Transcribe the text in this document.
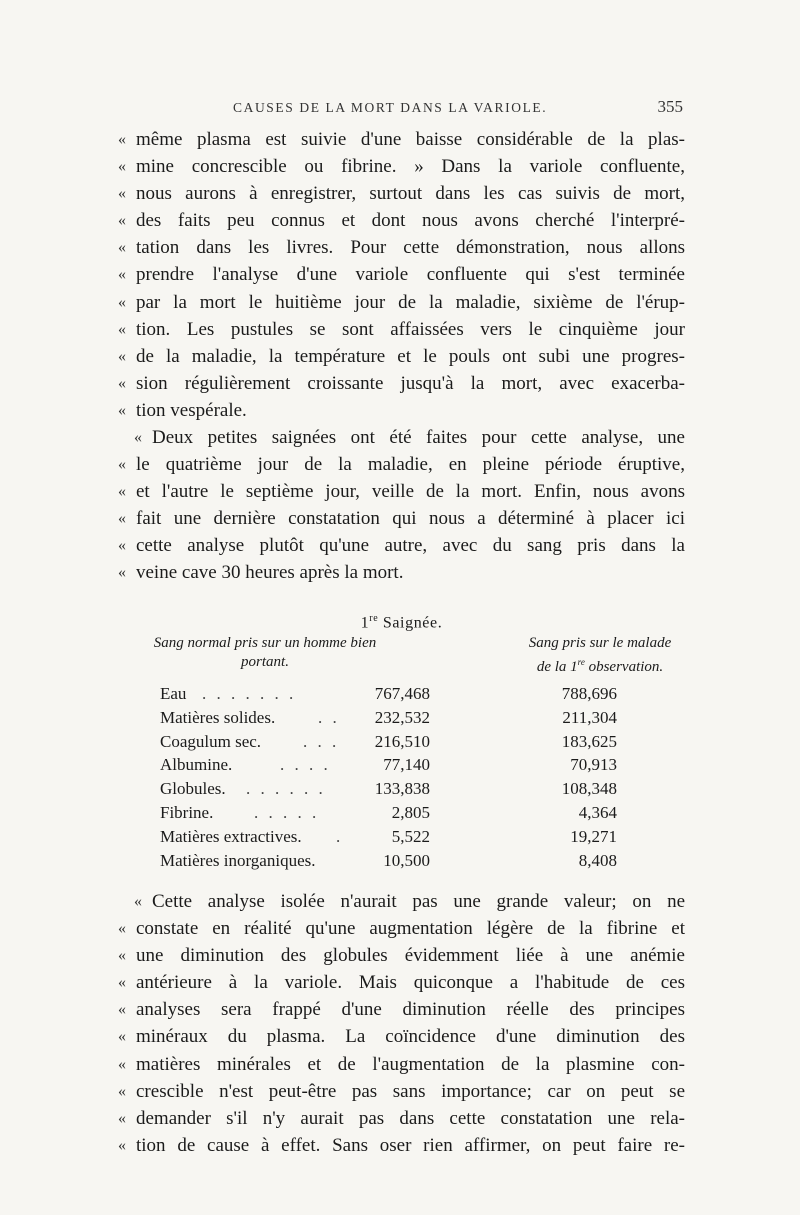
CAUSES DE LA MORT DANS LA VARIOLE.	355
« même plasma est suivie d'une baisse considérable de la plas-
« mine concrescible ou fibrine. » Dans la variole confluente,
« nous aurons à enregistrer, surtout dans les cas suivis de mort,
« des faits peu connus et dont nous avons cherché l'interpré-
« tation dans les livres. Pour cette démonstration, nous allons
« prendre l'analyse d'une variole confluente qui s'est terminée
« par la mort le huitième jour de la maladie, sixième de l'érup-
« tion. Les pustules se sont affaissées vers le cinquième jour
« de la maladie, la température et le pouls ont subi une progres-
« sion régulièrement croissante jusqu'à la mort, avec exacerba-
« tion vespérale.
« Deux petites saignées ont été faites pour cette analyse, une
« le quatrième jour de la maladie, en pleine période éruptive,
« et l'autre le septième jour, veille de la mort. Enfin, nous avons
« fait une dernière constatation qui nous a déterminé à placer ici
« cette analyse plutôt qu'une autre, avec du sang pris dans la
« veine cave 30 heures après la mort.
1re Saignée.
Sang normal pris sur un homme bien
portant.
Sang pris sur le malade
de la 1re observation.
Eau . . . . . . .	767,468	788,696
Matières solides.	. . 232,532	211,304
Coagulum sec. . . . 216,510	183,625
Albumine.	. . . .	77,140	70,913
Globules. . . . . . .	133,838	108,348
Fibrine. . . . . .	2,805	4,364
Matières extractives. .	5,522	19,271
Matières inorganiques.	10,500	8,408
« Cette analyse isolée n'aurait pas une grande valeur; on ne
« constate en réalité qu'une augmentation légère de la fibrine et
« une diminution des globules évidemment liée à une anémie
« antérieure à la variole. Mais quiconque a l'habitude de ces
« analyses sera frappé d'une diminution réelle des principes
« minéraux du plasma. La coïncidence d'une diminution des
« matières minérales et de l'augmentation de la plasmine con-
« crescible n'est peut-être pas sans importance; car on peut se
« demander s'il n'y aurait pas dans cette constatation une rela-
« tion de cause à effet. Sans oser rien affirmer, on peut faire re-
